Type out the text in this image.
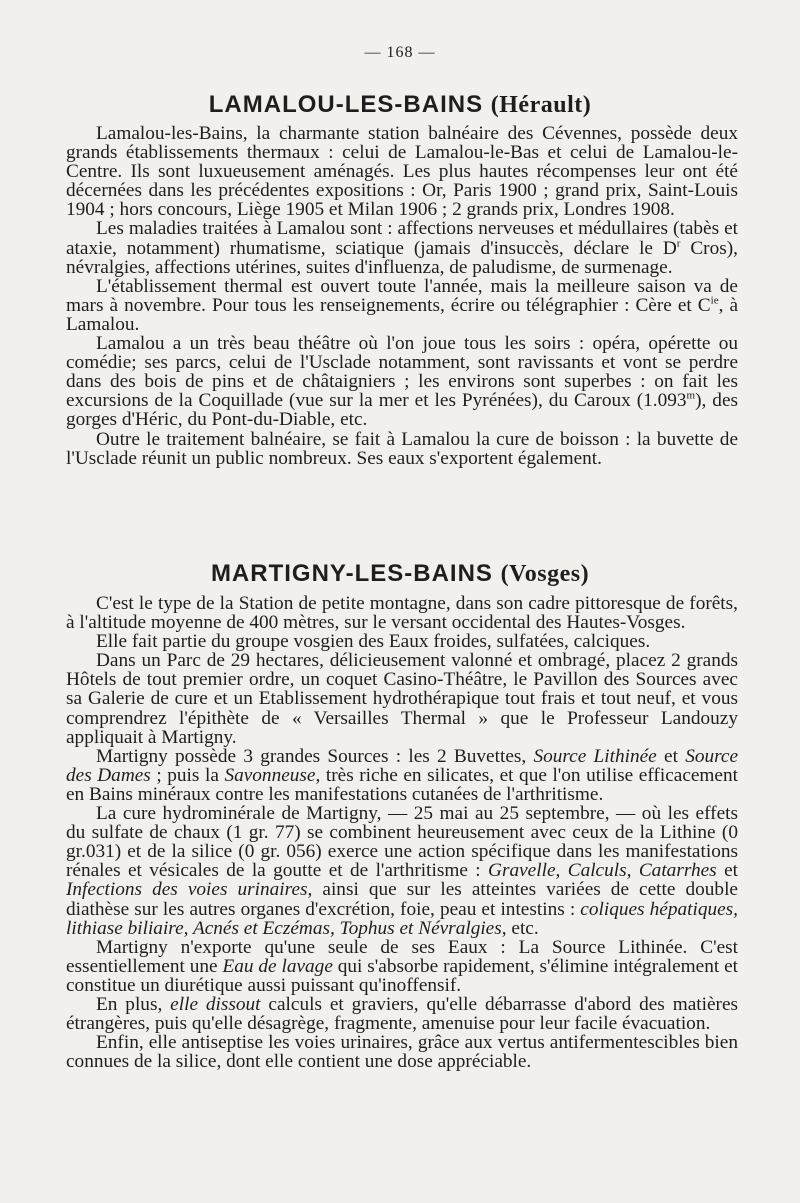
— 168 —
LAMALOU-LES-BAINS (Hérault)

Lamalou-les-Bains, la charmante station balnéaire des Cévennes, possède deux grands établissements thermaux : celui de Lamalou-le-Bas et celui de Lamalou-le-Centre. Ils sont luxueusement aménagés. Les plus hautes récompenses leur ont été décernées dans les précédentes expositions : Or, Paris 1900 ; grand prix, Saint-Louis 1904 ; hors concours, Liège 1905 et Milan 1906 ; 2 grands prix, Londres 1908.

Les maladies traitées à Lamalou sont : affections nerveuses et médullaires (tabès et ataxie, notamment) rhumatisme, sciatique (jamais d'insuccès, déclare le $D^r$ Cros), névralgies, affections utérines, suites d'influenza, de paludisme, de surmenage.

L'établissement thermal est ouvert toute l'année, mais la meilleure saison va de mars à novembre. Pour tous les renseignements, écrire ou télégraphier : Cère et $C^{ie}$, à Lamalou.

Lamalou a un très beau théâtre où l'on joue tous les soirs : opéra, opérette ou comédie; ses parcs, celui de l'Usclade notamment, sont ravissants et vont se perdre dans des bois de pins et de châtaigniers ; les environs sont superbes : on fait les excursions de la Coquillade (vue sur la mer et les Pyrénées), du Caroux (1.093$^m$), des gorges d'Héric, du Pont-du-Diable, etc.

Outre le traitement balnéaire, se fait à Lamalou la cure de boisson : la buvette de l'Usclade réunit un public nombreux. Ses eaux s'exportent également.

MARTIGNY-LES-BAINS (Vosges)

C'est le type de la Station de petite montagne, dans son cadre pittoresque de forêts, à l'altitude moyenne de 400 mètres, sur le versant occidental des Hautes-Vosges.

Elle fait partie du groupe vosgien des Eaux froides, sulfatées, calciques.

Dans un Parc de 29 hectares, délicieusement valonné et ombragé, placez 2 grands Hôtels de tout premier ordre, un coquet Casino-Théâtre, le Pavillon des Sources avec sa Galerie de cure et un Etablissement hydrothérapique tout frais et tout neuf, et vous comprendrez l'épithète de « Versailles Thermal » que le Professeur Landouzy appliquait à Martigny.

Martigny possède 3 grandes Sources : les 2 Buvettes, Source Lithinée et Source des Dames ; puis la Savonneuse, très riche en silicates, et que l'on utilise efficacement en Bains minéraux contre les manifestations cutanées de l'arthritisme.

La cure hydrominérale de Martigny, — 25 mai au 25 septembre, — où les effets du sulfate de chaux (1 gr. 77) se combinent heureusement avec ceux de la Lithine (0 gr.031) et de la silice (0 gr. 056) exerce une action spécifique dans les manifestations rénales et vésicales de la goutte et de l'arthritisme : Gravelle, Calculs, Catarrhes et Infections des voies urinaires, ainsi que sur les atteintes variées de cette double diathèse sur les autres organes d'excrétion, foie, peau et intestins : coliques hépatiques, lithiase biliaire, Acnés et Eczémas, Tophus et Névralgies, etc.

Martigny n'exporte qu'une seule de ses Eaux : La Source Lithinée. C'est essentiellement une Eau de lavage qui s'absorbe rapidement, s'élimine intégralement et constitue un diurétique aussi puissant qu'inoffensif.

En plus, elle dissout calculs et graviers, qu'elle débarrasse d'abord des matières étrangères, puis qu'elle désagrège, fragmente, amenuise pour leur facile évacuation.

Enfin, elle antiseptise les voies urinaires, grâce aux vertus antifermentescibles bien connues de la silice, dont elle contient une dose appréciable.
